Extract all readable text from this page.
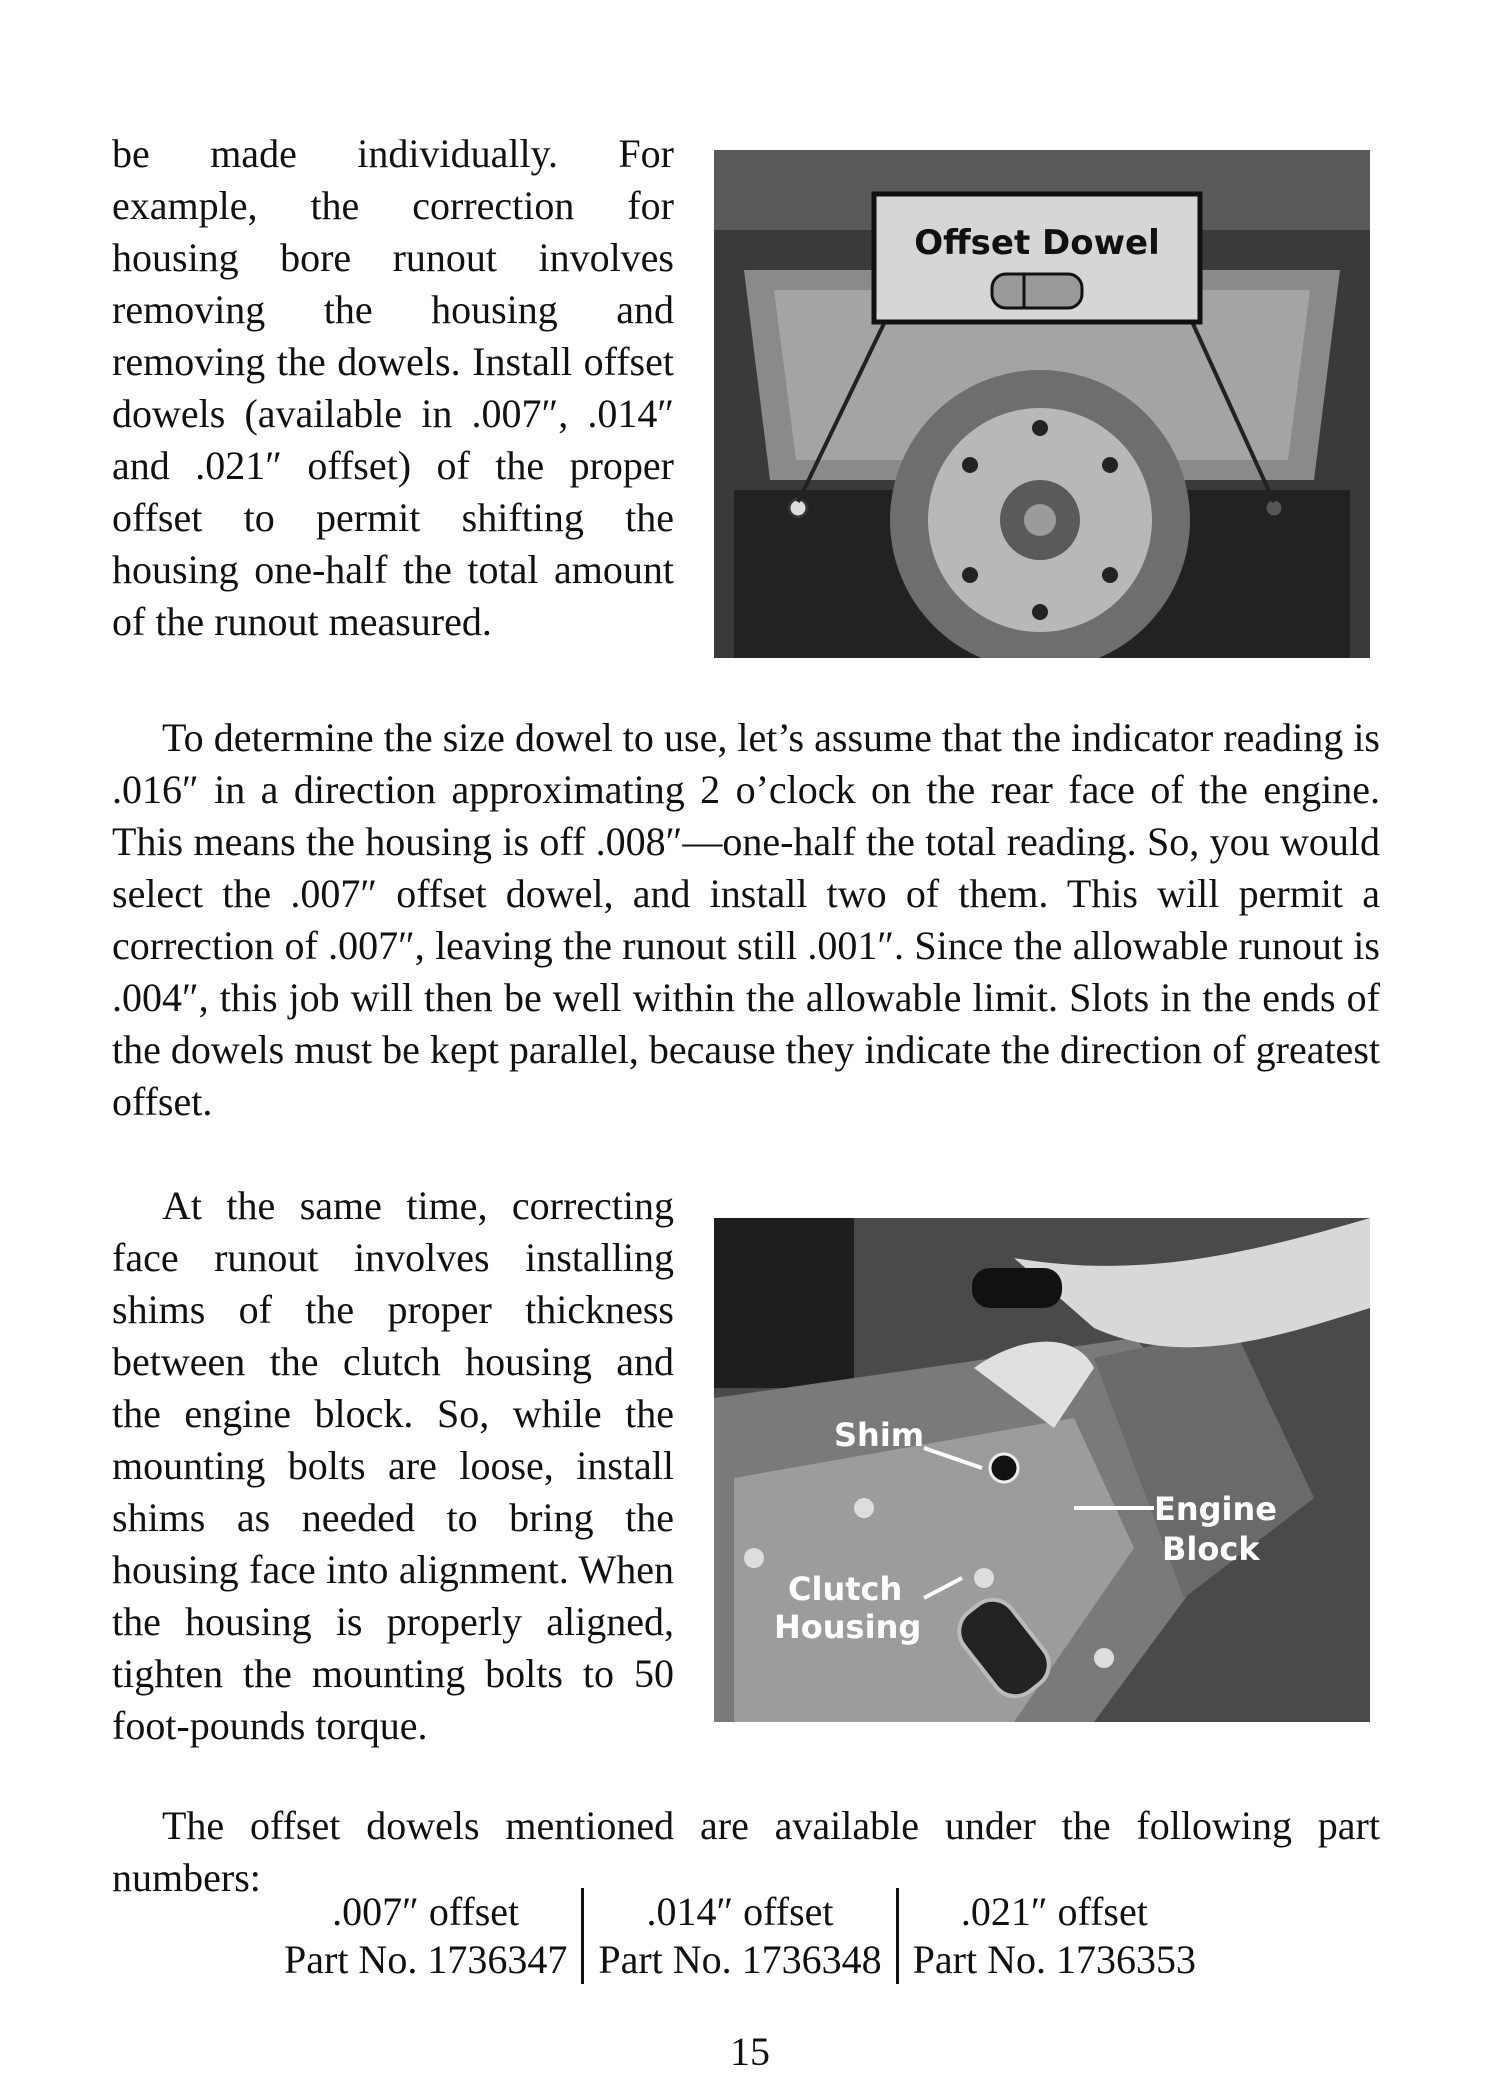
be made individually. For example, the correction for housing bore runout involves removing the housing and removing the dowels. Install offset dowels (available in .007″, .014″ and .021″ offset) of the proper offset to permit shifting the housing one-half the total amount of the runout measured.

Offset Dowel

To determine the size dowel to use, let’s assume that the indicator reading is .016″ in a direction approximating 2 o’clock on the rear face of the engine. This means the housing is off .008″—one-half the total reading. So, you would select the .007″ offset dowel, and install two of them. This will permit a correction of .007″, leaving the runout still .001″. Since the allowable runout is .004″, this job will then be well within the allowable limit. Slots in the ends of the dowels must be kept parallel, because they indicate the direction of greatest offset.

At the same time, correcting face runout involves installing shims of the proper thickness between the clutch housing and the engine block. So, while the mounting bolts are loose, install shims as needed to bring the housing face into alignment. When the housing is properly aligned, tighten the mounting bolts to 50 foot-pounds torque.

Shim
Engine
Block
Clutch
Housing

The offset dowels mentioned are available under the following part numbers:

.007″ offset
Part No. 1736347
.014″ offset
Part No. 1736348
.021″ offset
Part No. 1736353
15
